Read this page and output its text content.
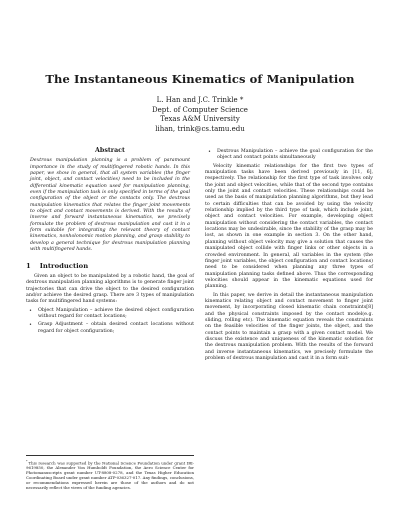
The Instantaneous Kinematics of Manipulation
L. Han and J.C. Trinkle *
Dept. of Computer Science
Texas A&M University
lihan, trink@cs.tamu.edu
Abstract
Dextrous manipulation planning is a problem of paramount importance in the study of multifingered robotic hands. In this paper, we show in general, that all system variables (the finger joint, object, and contact velocities) need to be included in the differential kinematic equation used for manipulation planning, even if the manipulation task is only specified in terms of the goal configuration of the object or the contacts only. The dextrous manipulation kinematics that relates the finger joint movements to object and contact movements is derived. With the results of inverse and forward instantaneous kinematics, we precisely formulate the problem of dextrous manipulation and cast it in a form suitable for integrating the relevant theory of contact kinematics, nonholonomic motion planning, and grasp stability to develop a general technique for dextrous manipulation planning with multifingered hands.
1 Introduction

Given an object to be manipulated by a robotic hand, the goal of dextrous manipulation planning algorithms is to generate finger joint trajectories that can drive the object to the desired configuration and/or achieve the desired grasp. There are 3 types of manipulation tasks for multifingered hand systems:

• Object Manipulation – achieve the desired object configuration without regard for contact locations;
• Grasp Adjustment – obtain desired contact locations without regard for object configuration;
• Dextrous Manipulation – achieve the goal configuration for the object and contact points simultaneously

Velocity kinematic relationships for the first two types of manipulation tasks have been derived previously in [11, 6], respectively. The relationship for the first type of task involves only the joint and object velocities, while that of the second type contains only the joint and contact velocities. These relationships could be used as the basis of manipulation planning algorithms, but they lead to certain difficulties that can be avoided by using the velocity relationship implied by the third type of task, which include joint, object and contact velocities. For example, developing object manipulation without considering the contact variables, the contact locations may be undesirable, since the stability of the grasp may be lost, as shown in one example in section 3. On the other hand, planning without object velocity may give a solution that causes the manipulated object collide with finger links or other objects in a crowded environment. In general, all variables in the system (the finger joint variables, the object configuration and contact locations) need to be considered when planning any three types of manipulation planning tasks defined above. Thus the corresponding velocities should appear in the kinematic equations used for planning.

In this paper, we derive in detail the instantaneous manipulation kinematics relating object and contact movement to finger joint movement, by incorporating closed kinematic chain constraints[8] and the physical constraints imposed by the contact model(e.g. sliding, rolling etc). The kinematic equation reveals the constraints on the feasible velocities of the finger joints, the object, and the contact points to maintain a grasp with a given contact model. We discuss the existence and uniqueness of the kinematic solution for the dextrous manipulation problem. With the results of the forward and inverse instantaneous kinematics, we precisely formulate the problem of dextrous manipulation and cast it in a form suit-

*This research was supported by the National Science Foundation under grant IRI-9619850, the Alexander Von Humboldt Foundation, the Aero Science Center for Photomanuscripts grant number UT-8808-0278, and the Texas Higher Education Coordinating Board under grant number ATP-036327-017. Any findings, conclusions, or recommendations expressed herein are those of the authors and do not necessarily reflect the views of the funding agencies.
